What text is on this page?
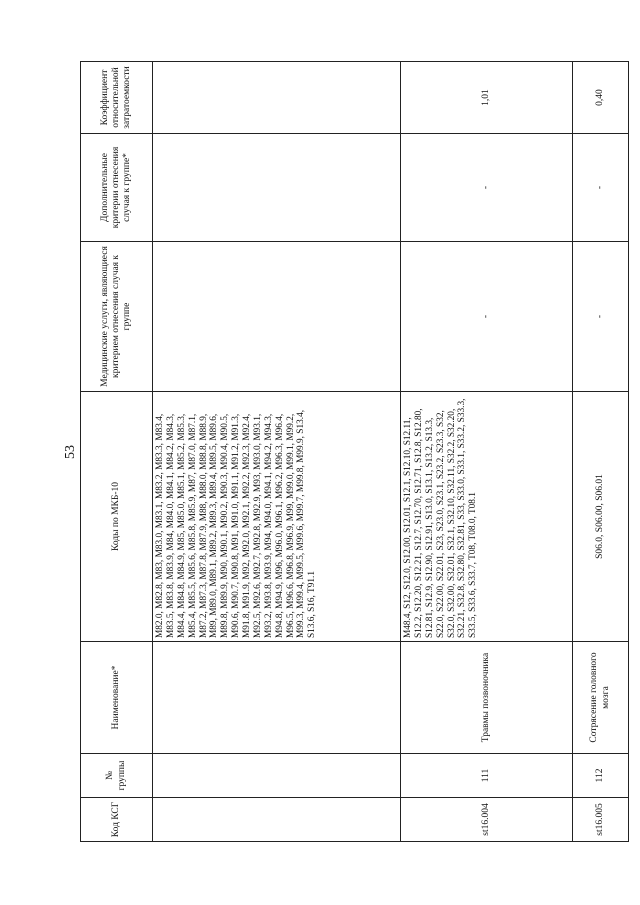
53
Код КСГ	№ группы	Наименование*	Коды по МКБ-10	Медицинские услуги, являющиеся критерием отнесения случая к группе	Дополнительные критерии отнесения случая к группе*	Коэффициент относительной затратоемкости
			M82.0, M82.8, M83, M83.0, M83.1, M83.2, M83.3, M83.4, M83.5, M83.8, M83.9, M84, M84.0, M84.1, M84.2, M84.3, M84.4, M84.8, M84.9, M85, M85.0, M85.1, M85.2, M85.3, M85.4, M85.5, M85.6, M85.8, M85.9, M87, M87.0, M87.1, M87.2, M87.3, M87.8, M87.9, M88, M88.0, M88.8, M88.9, M89, M89.0, M89.1, M89.2, M89.3, M89.4, M89.5, M89.6, M89.8, M89.9, M90, M90.1, M90.2, M90.3, M90.4, M90.5, M90.6, M90.7, M90.8, M91, M91.0, M91.1, M91.2, M91.3, M91.8, M91.9, M92, M92.0, M92.1, M92.2, M92.3, M92.4, M92.5, M92.6, M92.7, M92.8, M92.9, M93, M93.0, M93.1, M93.2, M93.8, M93.9, M94, M94.0, M94.1, M94.2, M94.3, M94.8, M94.9, M96, M96.0, M96.1, M96.2, M96.3, M96.4, M96.5, M96.6, M96.8, M96.9, M99, M99.0, M99.1, M99.2, M99.3, M99.4, M99.5, M99.6, M99.7, M99.8, M99.9, S13.4, S13.6, S16, T91.1			
st16.004	111	Травмы позвоночника	M48.4, S12, S12.0, S12.00, S12.01, S12.1, S12.10, S12.11, S12.2, S12.20, S12.21, S12.7, S12.70, S12.71, S12.8, S12.80, S12.81, S12.9, S12.90, S12.91, S13.0, S13.1, S13.2, S13.3, S22.0, S22.00, S22.01, S23, S23.0, S23.1, S23.2, S23.3, S32, S32.0, S32.00, S32.01, S32.1, S32.10, S32.11, S32.2, S32.20, S32.21, S32.8, S32.80, S32.81, S33, S33.0, S33.1, S33.2, S33.3, S33.5, S33.6, S33.7, T08, T08.0, T08.1	-	-	1,01
st16.005	112	Сотрясение головного мозга	S06.0, S06.00, S06.01	-	-	0,40
